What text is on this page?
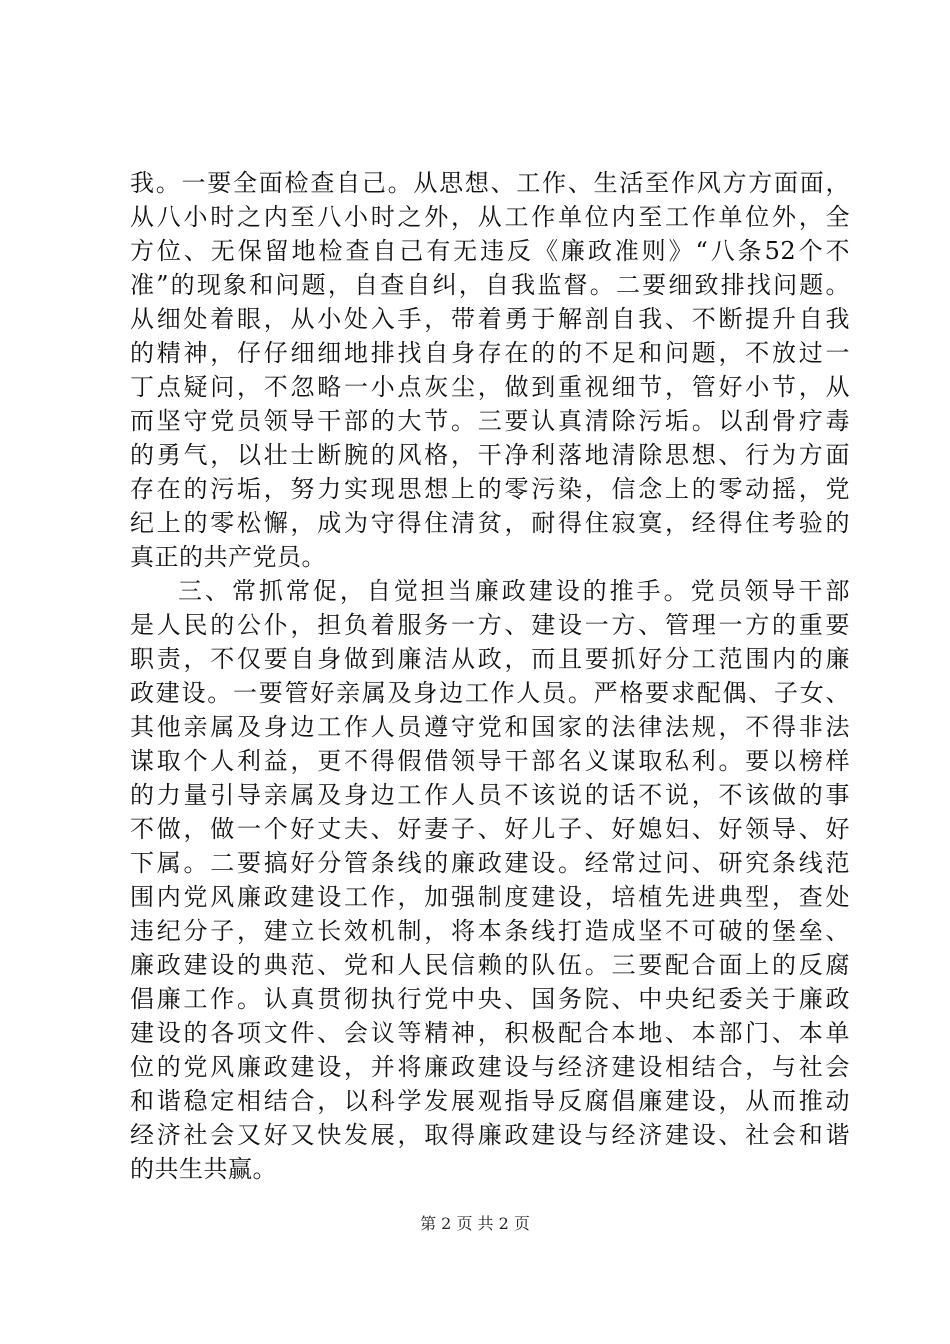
我。一要全面检查自己。从思想、工作、生活至作风方方面面，
从八小时之内至八小时之外，从工作单位内至工作单位外，全
方位、无保留地检查自己有无违反《廉政准则》“八条52个不
准”的现象和问题，自查自纠，自我监督。二要细致排找问题。
从细处着眼，从小处入手，带着勇于解剖自我、不断提升自我
的精神，仔仔细细地排找自身存在的的不足和问题，不放过一
丁点疑问，不忽略一小点灰尘，做到重视细节，管好小节，从
而坚守党员领导干部的大节。三要认真清除污垢。以刮骨疗毒
的勇气，以壮士断腕的风格，干净利落地清除思想、行为方面
存在的污垢，努力实现思想上的零污染，信念上的零动摇，党
纪上的零松懈，成为守得住清贫，耐得住寂寞，经得住考验的
真正的共产党员。
三、常抓常促，自觉担当廉政建设的推手。党员领导干部
是人民的公仆，担负着服务一方、建设一方、管理一方的重要
职责，不仅要自身做到廉洁从政，而且要抓好分工范围内的廉
政建设。一要管好亲属及身边工作人员。严格要求配偶、子女、
其他亲属及身边工作人员遵守党和国家的法律法规，不得非法
谋取个人利益，更不得假借领导干部名义谋取私利。要以榜样
的力量引导亲属及身边工作人员不该说的话不说，不该做的事
不做，做一个好丈夫、好妻子、好儿子、好媳妇、好领导、好
下属。二要搞好分管条线的廉政建设。经常过问、研究条线范
围内党风廉政建设工作，加强制度建设，培植先进典型，查处
违纪分子，建立长效机制，将本条线打造成坚不可破的堡垒、
廉政建设的典范、党和人民信赖的队伍。三要配合面上的反腐
倡廉工作。认真贯彻执行党中央、国务院、中央纪委关于廉政
建设的各项文件、会议等精神，积极配合本地、本部门、本单
位的党风廉政建设，并将廉政建设与经济建设相结合，与社会
和谐稳定相结合，以科学发展观指导反腐倡廉建设，从而推动
经济社会又好又快发展，取得廉政建设与经济建设、社会和谐
的共生共赢。
第 2 页 共 2 页
